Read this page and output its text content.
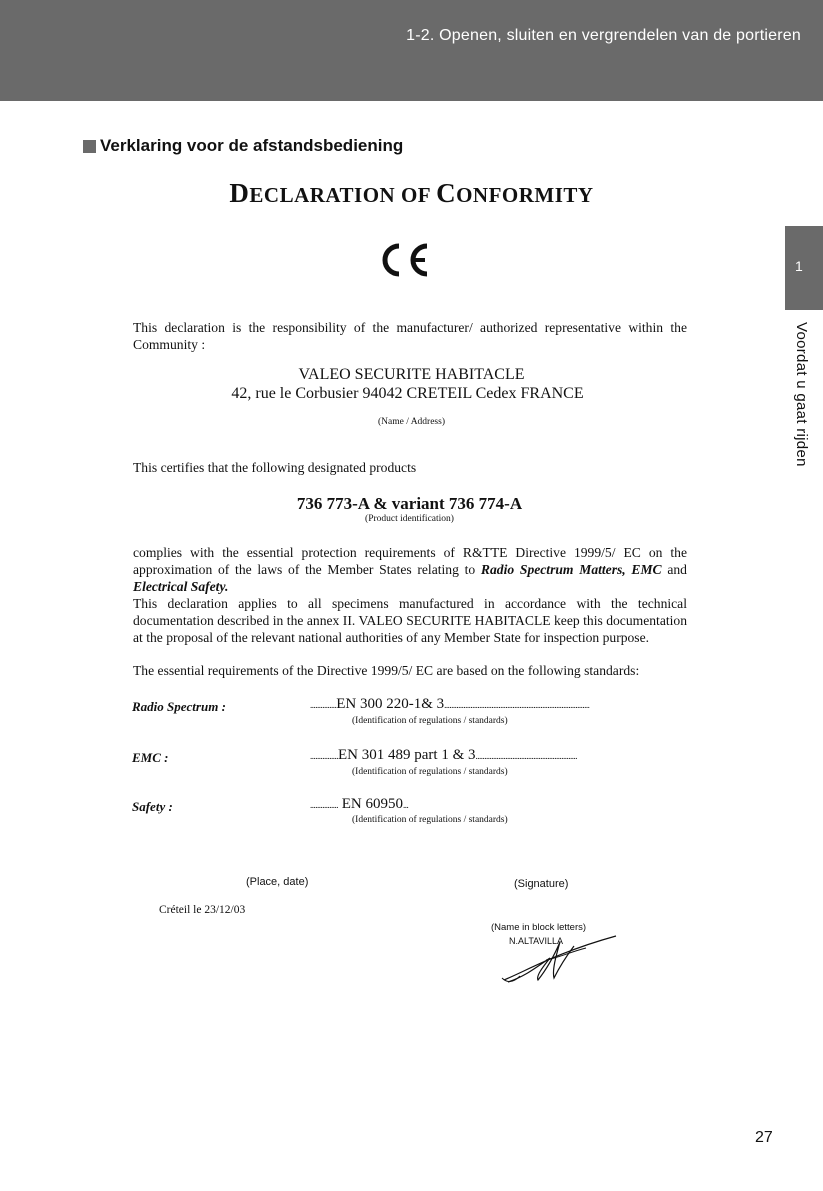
1-2. Openen, sluiten en vergrendelen van de portieren
1
Voordat u gaat rijden
Verklaring voor de afstandsbediening
DECLARATION OF CONFORMITY
This declaration is the responsibility of the manufacturer/ authorized representative within the Community :
VALEO SECURITE HABITACLE
42, rue le Corbusier 94042 CRETEIL Cedex FRANCE
(Name / Address)
This certifies that the following designated products
736 773-A & variant 736 774-A
(Product identification)
complies with the essential protection requirements of R&TTE Directive 1999/5/ EC on the approximation of the laws of the Member States relating to Radio Spectrum Matters, EMC and Electrical Safety.
This declaration applies to all specimens manufactured in accordance with the technical documentation described in the annex II. VALEO SECURITE HABITACLE keep this documentation at the proposal of the relevant national authorities of any Member State for inspection purpose.
The essential requirements of the Directive 1999/5/ EC are based on the following standards:
Radio Spectrum :	...............EN 300 220-1& 3...................................................................................
(Identification of regulations / standards)
EMC :	................EN 301 489 part 1 & 3..........................................................
(Identification of regulations / standards)
Safety :	................ EN 60950...
(Identification of regulations / standards)
(Place, date)	(Signature)
Créteil le 23/12/03
(Name in block letters)
N.ALTAVILLA
27
